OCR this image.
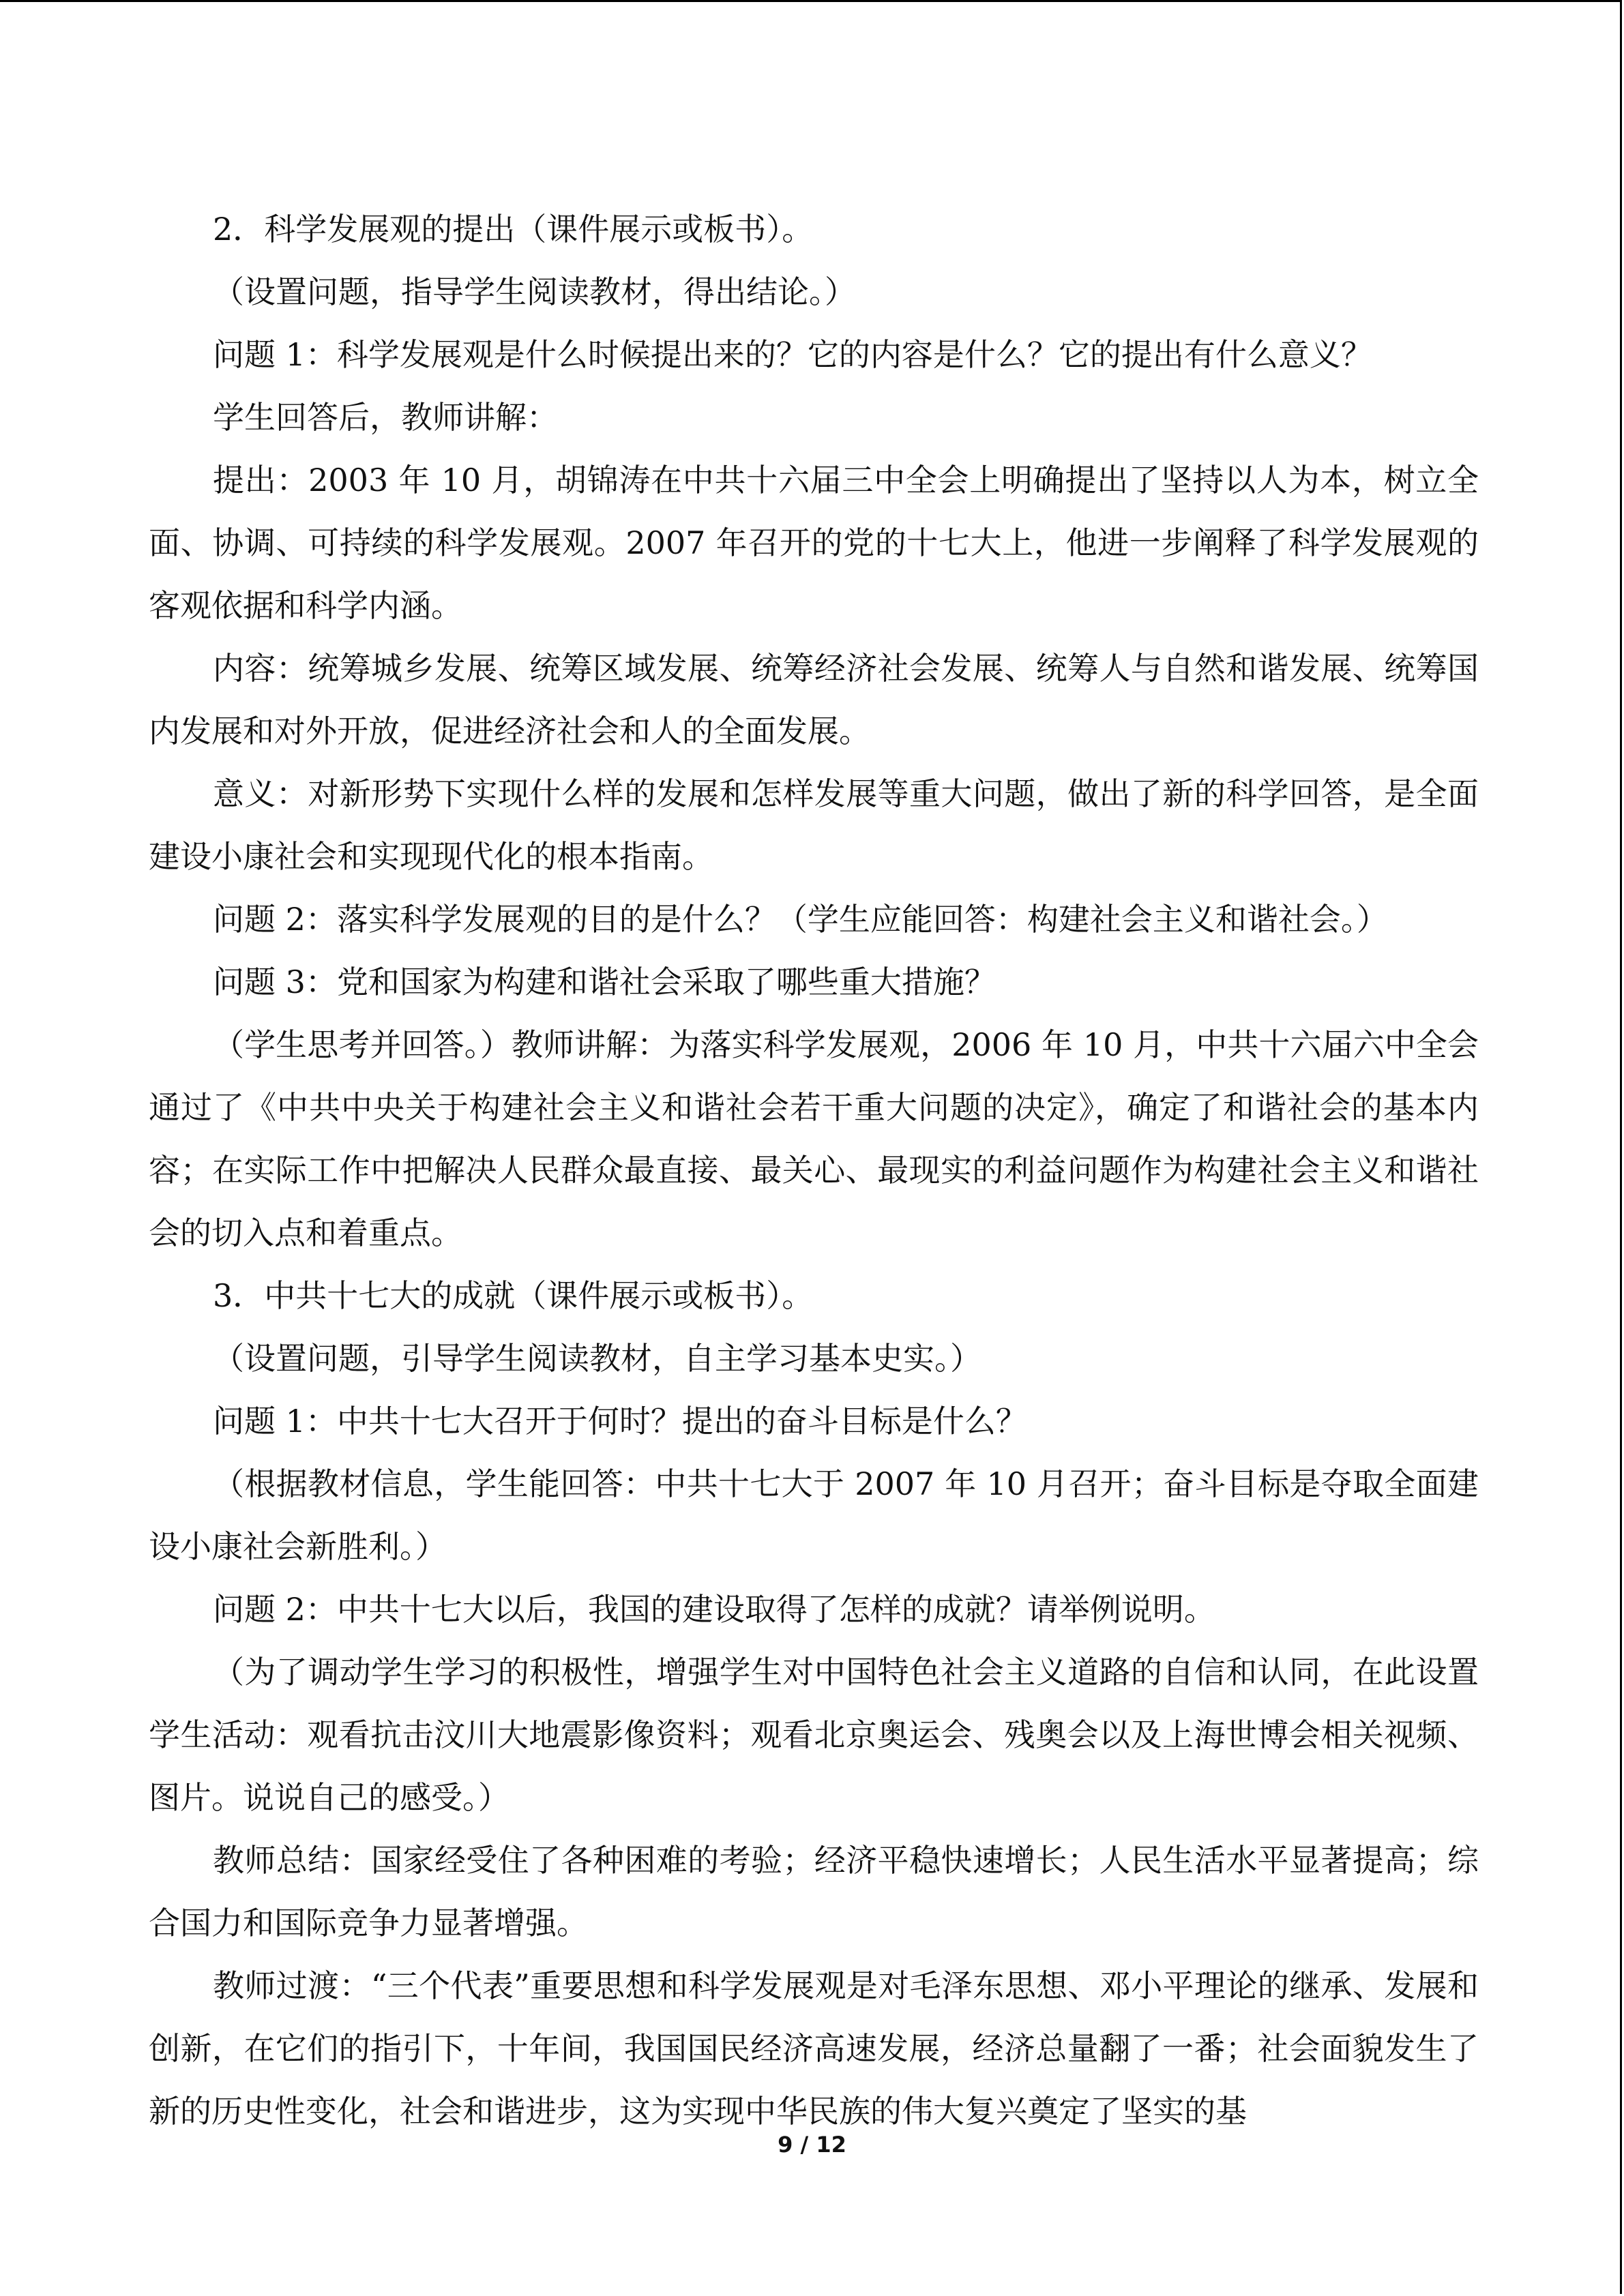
2．科学发展观的提出（课件展示或板书）。

（设置问题，指导学生阅读教材，得出结论。）

问题 1：科学发展观是什么时候提出来的？它的内容是什么？它的提出有什么意义？

学生回答后，教师讲解：

提出：2003 年 10 月，胡锦涛在中共十六届三中全会上明确提出了坚持以人为本，树立全面、协调、可持续的科学发展观。2007 年召开的党的十七大上，他进一步阐释了科学发展观的客观依据和科学内涵。

内容：统筹城乡发展、统筹区域发展、统筹经济社会发展、统筹人与自然和谐发展、统筹国内发展和对外开放，促进经济社会和人的全面发展。

意义：对新形势下实现什么样的发展和怎样发展等重大问题，做出了新的科学回答，是全面建设小康社会和实现现代化的根本指南。

问题 2：落实科学发展观的目的是什么？（学生应能回答：构建社会主义和谐社会。）

问题 3：党和国家为构建和谐社会采取了哪些重大措施？

（学生思考并回答。）教师讲解：为落实科学发展观，2006 年 10 月，中共十六届六中全会通过了《中共中央关于构建社会主义和谐社会若干重大问题的决定》，确定了和谐社会的基本内容；在实际工作中把解决人民群众最直接、最关心、最现实的利益问题作为构建社会主义和谐社会的切入点和着重点。

3．中共十七大的成就（课件展示或板书）。

（设置问题，引导学生阅读教材，自主学习基本史实。）

问题 1：中共十七大召开于何时？提出的奋斗目标是什么？

（根据教材信息，学生能回答：中共十七大于 2007 年 10 月召开；奋斗目标是夺取全面建设小康社会新胜利。）

问题 2：中共十七大以后，我国的建设取得了怎样的成就？请举例说明。

（为了调动学生学习的积极性，增强学生对中国特色社会主义道路的自信和认同，在此设置学生活动：观看抗击汶川大地震影像资料；观看北京奥运会、残奥会以及上海世博会相关视频、图片。说说自己的感受。）

教师总结：国家经受住了各种困难的考验；经济平稳快速增长；人民生活水平显著提高；综合国力和国际竞争力显著增强。

教师过渡：“三个代表”重要思想和科学发展观是对毛泽东思想、邓小平理论的继承、发展和创新，在它们的指引下，十年间，我国国民经济高速发展，经济总量翻了一番；社会面貌发生了新的历史性变化，社会和谐进步，这为实现中华民族的伟大复兴奠定了坚实的基

9 / 12
